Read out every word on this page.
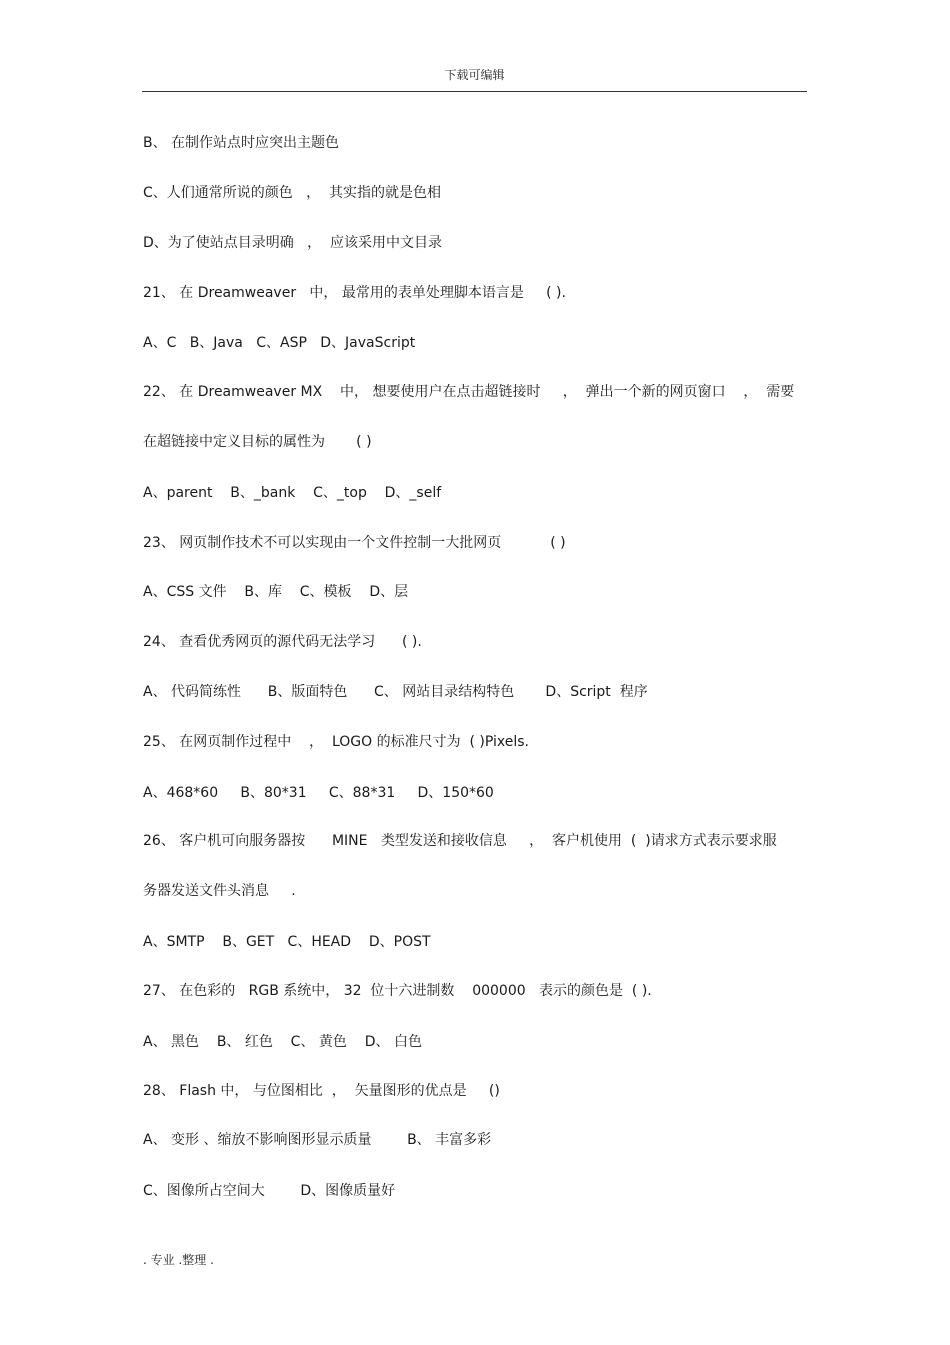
下载可编辑
B、 在制作站点时应突出主题色
C、人们通常所说的颜色   ，  其实指的就是色相
D、为了使站点目录明确   ，  应该采用中文目录
21、 在 Dreamweaver   中， 最常用的表单处理脚本语言是     ( ).
A、C   B、Java   C、ASP   D、JavaScript
22、 在 Dreamweaver MX    中， 想要使用户在点击超链接时     ，  弹出一个新的网页窗口    ，  需要
在超链接中定义目标的属性为       ( )
A、parent    B、_bank    C、_top    D、_self
23、 网页制作技术不可以实现由一个文件控制一大批网页           ( )
A、CSS 文件    B、库    C、模板    D、层
24、 查看优秀网页的源代码无法学习      ( ).
A、 代码简练性      B、版面特色      C、 网站目录结构特色       D、Script  程序
25、 在网页制作过程中    ，  LOGO 的标准尺寸为  ( )Pixels.
A、468*60     B、80*31     C、88*31     D、150*60
26、 客户机可向服务器按      MINE   类型发送和接收信息     ，  客户机使用  (  )请求方式表示要求服
务器发送文件头消息     .
A、SMTP    B、GET   C、HEAD    D、POST
27、 在色彩的   RGB 系统中， 32  位十六进制数    000000   表示的颜色是  ( ).
A、 黑色    B、 红色    C、 黄色    D、 白色
28、 Flash 中， 与位图相比  ，  矢量图形的优点是     ()
A、 变形 、缩放不影响图形显示质量        B、 丰富多彩
C、图像所占空间大        D、图像质量好
. 专业 .整理 .
